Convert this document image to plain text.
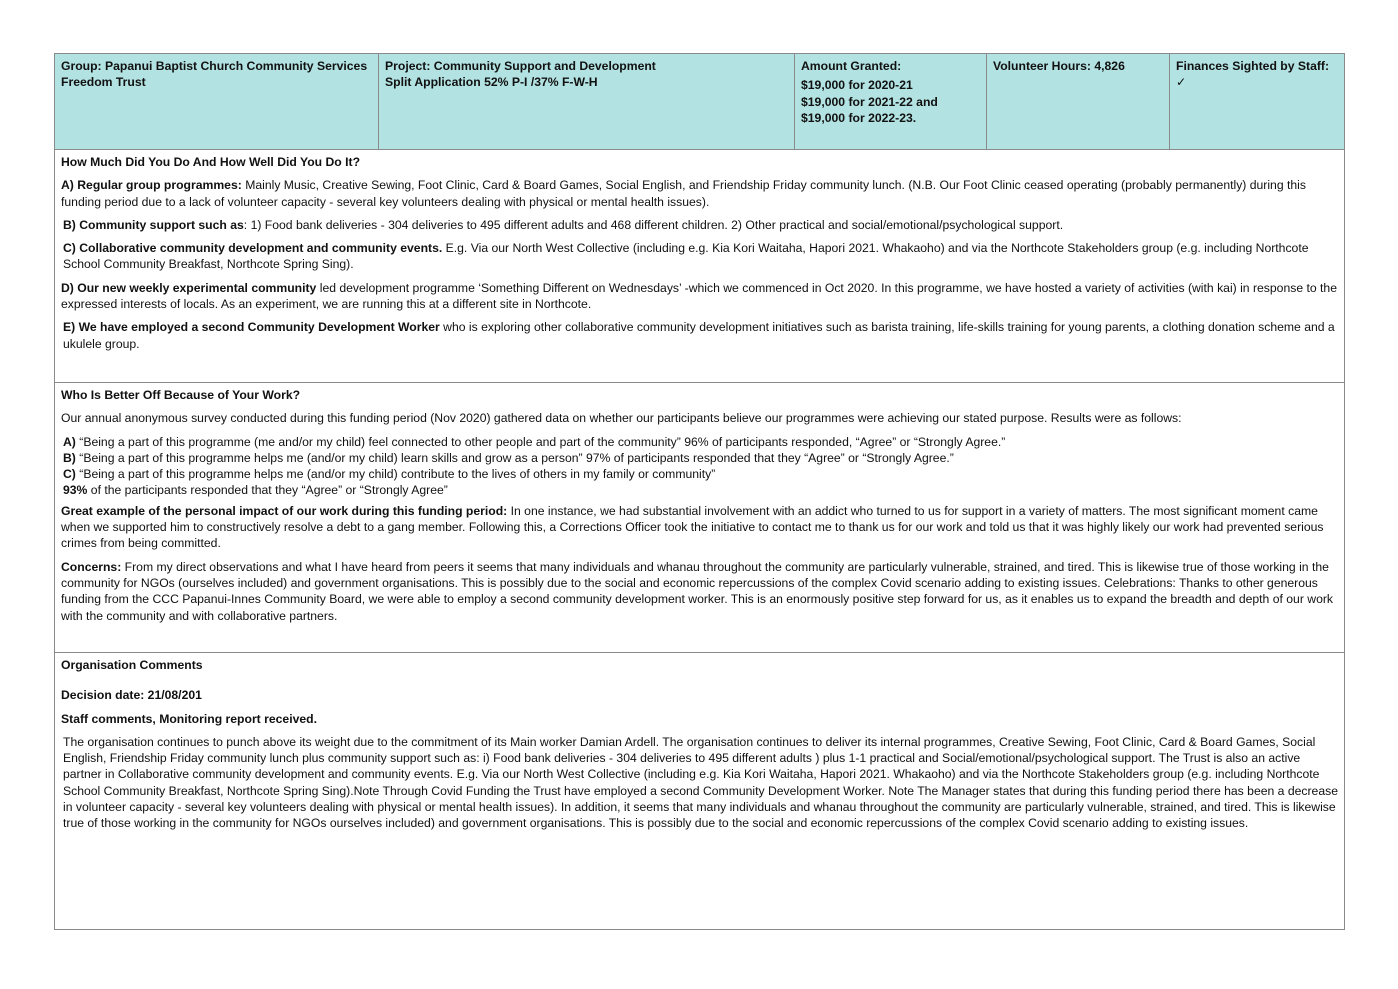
Group: Papanui Baptist Church Community Services Freedom Trust
Project: Community Support and Development
Split Application 52% P-I /37% F-W-H
Amount Granted:
$19,000 for 2020-21
$19,000 for 2021-22 and
$19,000 for 2022-23.
Volunteer Hours: 4,826	Finances Sighted by Staff: ✓
How Much Did You Do And How Well Did You Do It?

A) Regular group programmes: Mainly Music, Creative Sewing, Foot Clinic, Card & Board Games, Social English, and Friendship Friday community lunch. (N.B. Our Foot Clinic ceased operating (probably permanently) during this funding period due to a lack of volunteer capacity - several key volunteers dealing with physical or mental health issues).

B) Community support such as: 1) Food bank deliveries - 304 deliveries to 495 different adults and 468 different children. 2) Other practical and social/emotional/psychological support.

C) Collaborative community development and community events. E.g. Via our North West Collective (including e.g. Kia Kori Waitaha, Hapori 2021. Whakaoho) and via the Northcote Stakeholders group (e.g. including Northcote School Community Breakfast, Northcote Spring Sing).

D) Our new weekly experimental community led development programme ‘Something Different on Wednesdays’ -which we commenced in Oct 2020. In this programme, we have hosted a variety of activities (with kai) in response to the expressed interests of locals. As an experiment, we are running this at a different site in Northcote.

E) We have employed a second Community Development Worker who is exploring other collaborative community development initiatives such as barista training, life-skills training for young parents, a clothing donation scheme and a ukulele group.

Who Is Better Off Because of Your Work?

Our annual anonymous survey conducted during this funding period (Nov 2020) gathered data on whether our participants believe our programmes were achieving our stated purpose. Results were as follows:

A) “Being a part of this programme (me and/or my child) feel connected to other people and part of the community” 96% of participants responded, “Agree” or “Strongly Agree.”
B) “Being a part of this programme helps me (and/or my child) learn skills and grow as a person” 97% of participants responded that they “Agree” or “Strongly Agree.”
C) “Being a part of this programme helps me (and/or my child) contribute to the lives of others in my family or community”
93% of the participants responded that they “Agree” or “Strongly Agree”

Great example of the personal impact of our work during this funding period: In one instance, we had substantial involvement with an addict who turned to us for support in a variety of matters. The most significant moment came when we supported him to constructively resolve a debt to a gang member. Following this, a Corrections Officer took the initiative to contact me to thank us for our work and told us that it was highly likely our work had prevented serious crimes from being committed.

Concerns: From my direct observations and what I have heard from peers it seems that many individuals and whanau throughout the community are particularly vulnerable, strained, and tired. This is likewise true of those working in the community for NGOs (ourselves included) and government organisations. This is possibly due to the social and economic repercussions of the complex Covid scenario adding to existing issues. Celebrations: Thanks to other generous funding from the CCC Papanui-Innes Community Board, we were able to employ a second community development worker. This is an enormously positive step forward for us, as it enables us to expand the breadth and depth of our work with the community and with collaborative partners.

Organisation Comments
Decision date: 21/08/201
Staff comments, Monitoring report received.

The organisation continues to punch above its weight due to the commitment of its Main worker Damian Ardell. The organisation continues to deliver its internal programmes, Creative Sewing, Foot Clinic, Card & Board Games, Social English, Friendship Friday community lunch plus community support such as: i) Food bank deliveries - 304 deliveries to 495 different adults ) plus 1-1 practical and Social/emotional/psychological support. The Trust is also an active partner in Collaborative community development and community events. E.g. Via our North West Collective (including e.g. Kia Kori Waitaha, Hapori 2021. Whakaoho) and via the Northcote Stakeholders group (e.g. including Northcote School Community Breakfast, Northcote Spring Sing).Note Through Covid Funding the Trust have employed a second Community Development Worker. Note The Manager states that during this funding period there has been a decrease in volunteer capacity - several key volunteers dealing with physical or mental health issues). In addition, it seems that many individuals and whanau throughout the community are particularly vulnerable, strained, and tired. This is likewise true of those working in the community for NGOs ourselves included) and government organisations. This is possibly due to the social and economic repercussions of the complex Covid scenario adding to existing issues.
